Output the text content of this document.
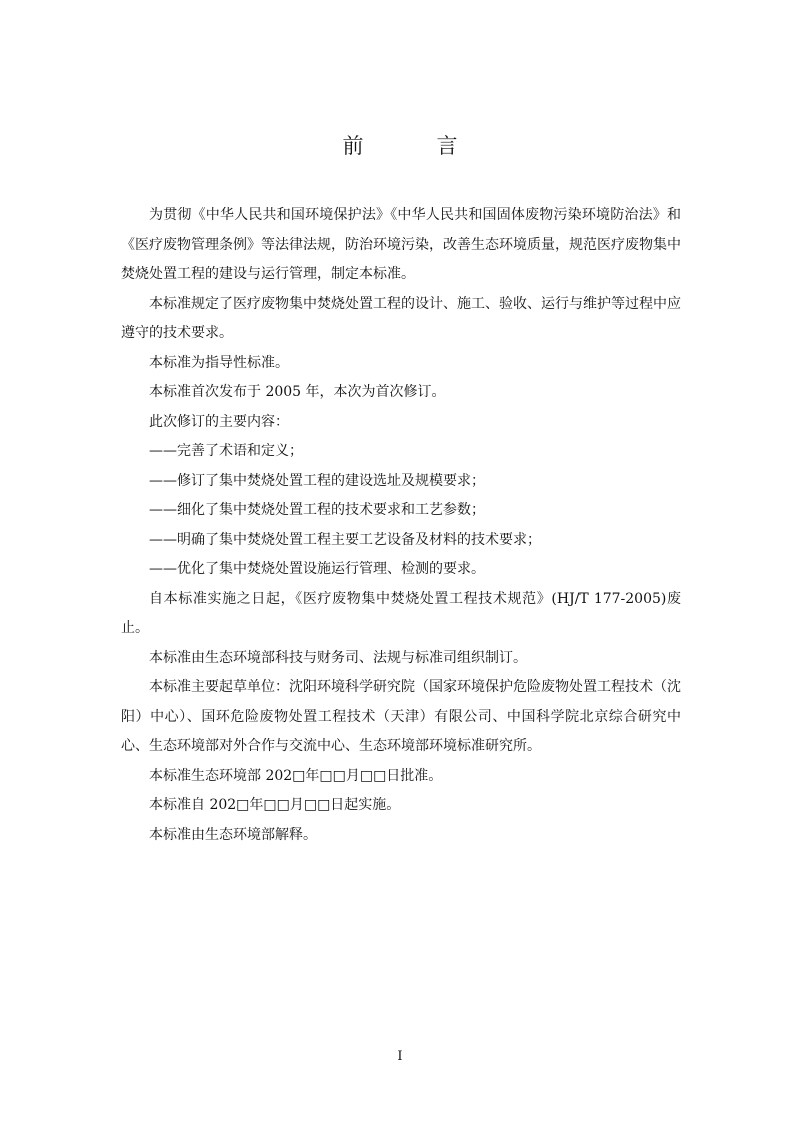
前　言

为贯彻《中华人民共和国环境保护法》《中华人民共和国固体废物污染环境防治法》和《医疗废物管理条例》等法律法规，防治环境污染，改善生态环境质量，规范医疗废物集中焚烧处置工程的建设与运行管理，制定本标准。

本标准规定了医疗废物集中焚烧处置工程的设计、施工、验收、运行与维护等过程中应遵守的技术要求。

本标准为指导性标准。

本标准首次发布于 2005 年，本次为首次修订。

此次修订的主要内容：

——完善了术语和定义；

——修订了集中焚烧处置工程的建设选址及规模要求；

——细化了集中焚烧处置工程的技术要求和工艺参数；

——明确了集中焚烧处置工程主要工艺设备及材料的技术要求；

——优化了集中焚烧处置设施运行管理、检测的要求。

自本标准实施之日起，《医疗废物集中焚烧处置工程技术规范》(HJ/T 177-2005)废止。

本标准由生态环境部科技与财务司、法规与标准司组织制订。

本标准主要起草单位：沈阳环境科学研究院（国家环境保护危险废物处置工程技术（沈阳）中心）、国环危险废物处置工程技术（天津）有限公司、中国科学院北京综合研究中心、生态环境部对外合作与交流中心、生态环境部环境标准研究所。

本标准生态环境部 202□年□□月□□日批准。

本标准自 202□年□□月□□日起实施。

本标准由生态环境部解释。

I
